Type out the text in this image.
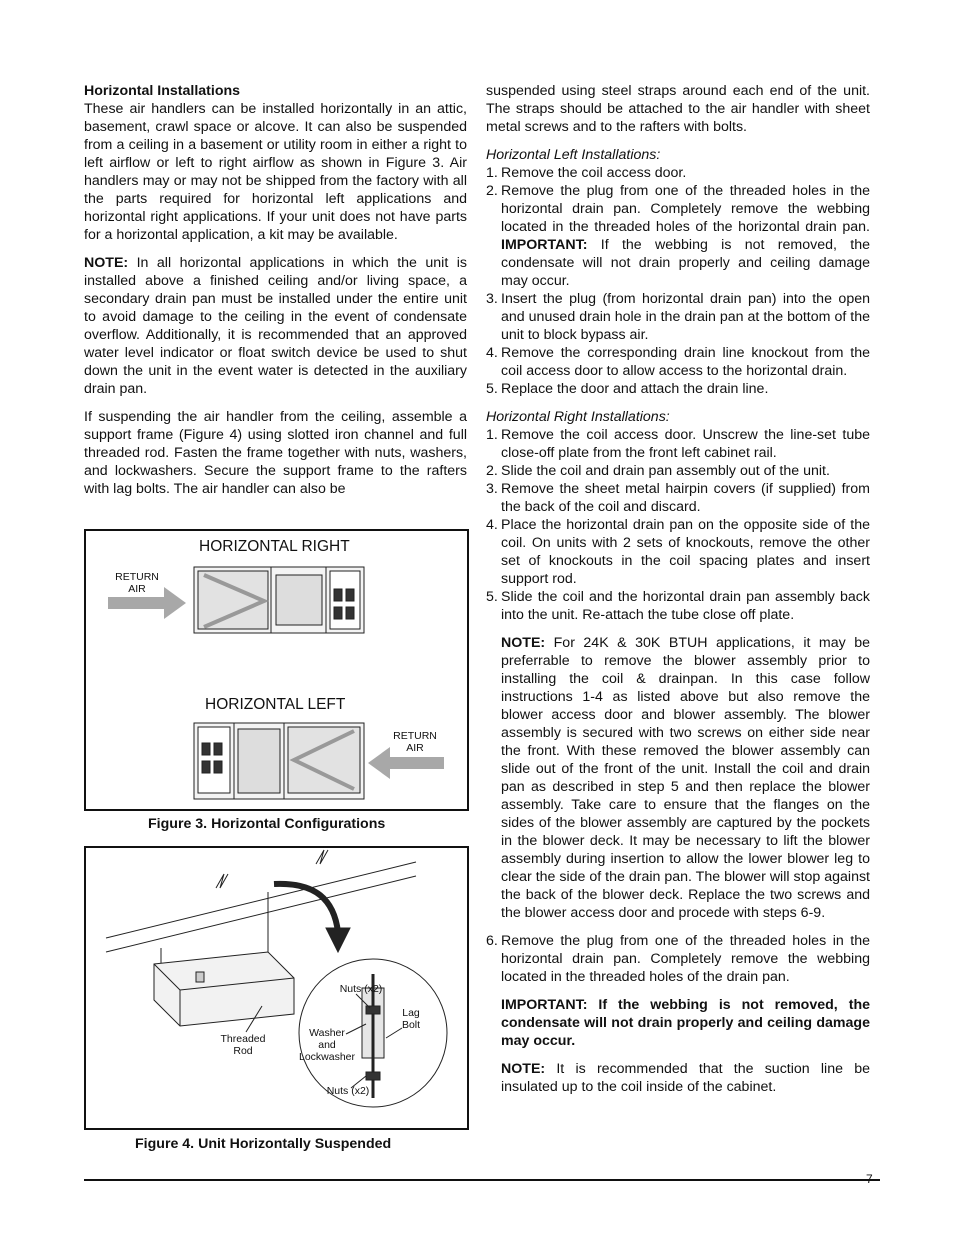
Horizontal Installations

These air handlers can be installed horizontally in an attic, basement, crawl space or alcove. It can also be suspended from a ceiling in a basement or utility room in either a right to left airflow or left to right airflow as shown in Figure 3. Air handlers may or may not be shipped from the factory with all the parts required for horizontal left applications and horizontal right applications. If your unit does not have parts for a horizontal application, a kit may be available.

NOTE: In all horizontal applications in which the unit is installed above a finished ceiling and/or living space, a secondary drain pan must be installed under the entire unit to avoid damage to the ceiling in the event of condensate overflow. Additionally, it is recommended that an approved water level indicator or float switch device be used to shut down the unit in the event water is detected in the auxiliary drain pan.

If suspending the air handler from the ceiling, assemble a support frame (Figure 4) using slotted iron channel and full threaded rod. Fasten the frame together with nuts, washers, and lockwashers. Secure the support frame to the rafters with lag bolts. The air handler can also be

HORIZONTAL RIGHT
HORIZONTAL LEFT
RETURN
AIR
RETURN
AIR
Figure 3. Horizontal Configurations
Nuts (x2)
Lag
Bolt
Washer
and
Lockwasher
Nuts (x2)
Threaded
Rod
Figure 4. Unit Horizontally Suspended

suspended using steel straps around each end of the unit. The straps should be attached to the air handler with sheet metal screws and to the rafters with bolts.

Horizontal Left Installations:

1. Remove the coil access door.
2. Remove the plug from one of the threaded holes in the horizontal drain pan. Completely remove the webbing located in the threaded holes of the horizontal drain pan. IMPORTANT: If the webbing is not removed, the condensate will not drain properly and ceiling damage may occur.
3. Insert the plug (from horizontal drain pan) into the open and unused drain hole in the drain pan at the bottom of the unit to block bypass air.
4. Remove the corresponding drain line knockout from the coil access door to allow access to the horizontal drain.
5. Replace the door and attach the drain line.

Horizontal Right Installations:

1. Remove the coil access door. Unscrew the line-set tube close-off plate from the front left cabinet rail.
2. Slide the coil and drain pan assembly out of the unit.
3. Remove the sheet metal hairpin covers (if supplied) from the back of the coil and discard.
4. Place the horizontal drain pan on the opposite side of the coil. On units with 2 sets of knockouts, remove the other set of knockouts in the coil spacing plates and insert support rod.
5. Slide the coil and the horizontal drain pan assembly back into the unit. Re-attach the tube close off plate.

NOTE: For 24K & 30K BTUH applications, it may be preferrable to remove the blower assembly prior to installing the coil & drainpan. In this case follow instructions 1-4 as listed above but also remove the blower access door and blower assembly. The blower assembly is secured with two screws on either side near the front. With these removed the blower assembly can slide out of the front of the unit. Install the coil and drain pan as described in step 5 and then replace the blower assembly. Take care to ensure that the flanges on the sides of the blower assembly are captured by the pockets in the blower deck. It may be necessary to lift the blower assembly during insertion to allow the lower blower leg to clear the side of the drain pan. The blower will stop against the back of the blower deck. Replace the two screws and the blower access door and procede with steps 6-9.

6. Remove the plug from one of the threaded holes in the horizontal drain pan. Completely remove the webbing located in the threaded holes of the drain pan.

IMPORTANT: If the webbing is not removed, the condensate will not drain properly and ceiling damage may occur.

NOTE: It is recommended that the suction line be insulated up to the coil inside of the cabinet.

7
